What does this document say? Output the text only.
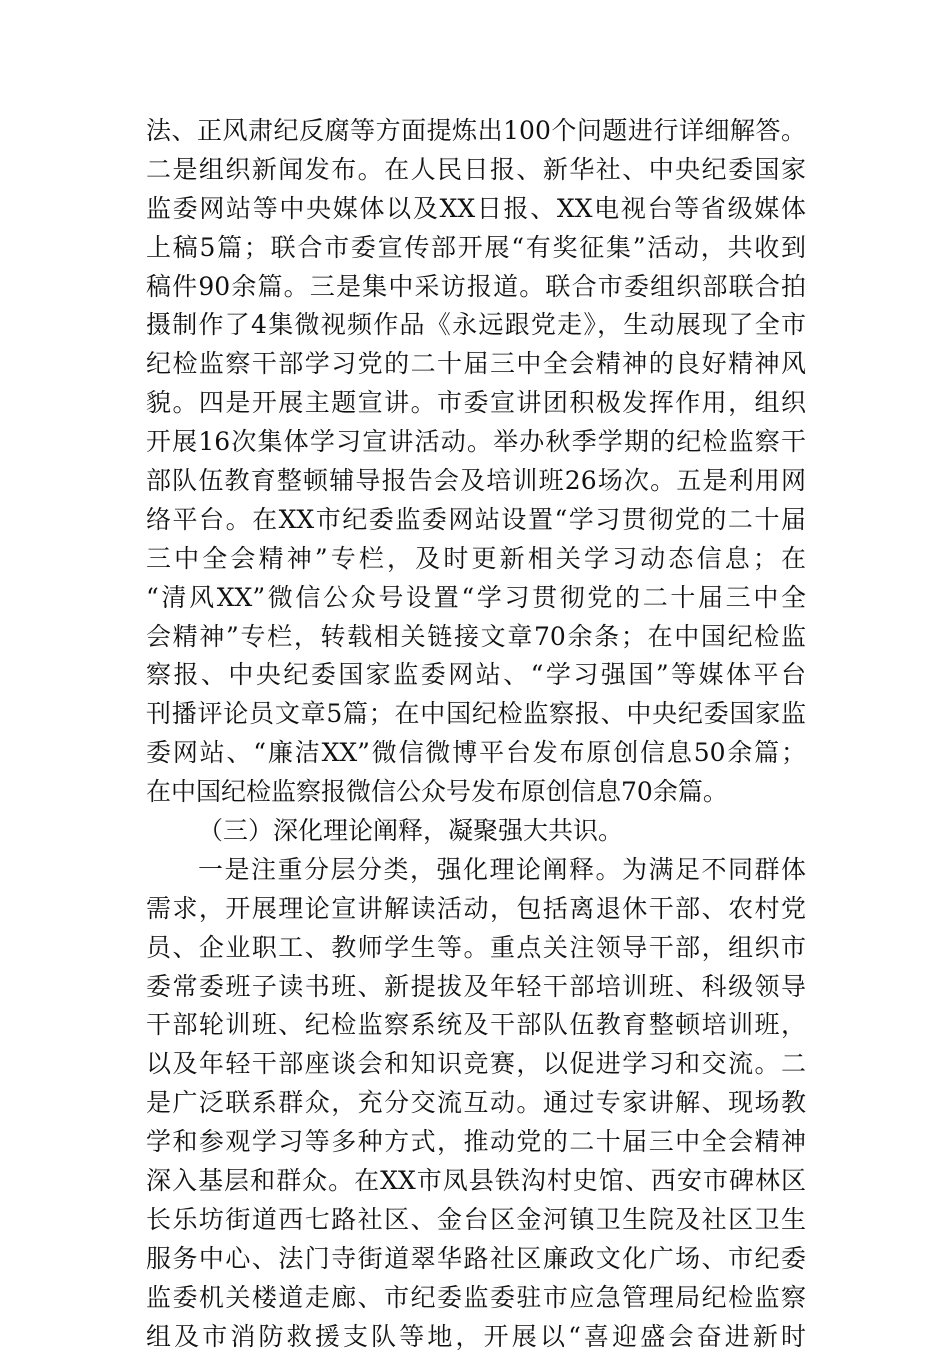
法、正风肃纪反腐等方面提炼出100个问题进行详细解答。
二是组织新闻发布。在人民日报、新华社、中央纪委国家
监委网站等中央媒体以及XX日报、XX电视台等省级媒体
上稿5篇；联合市委宣传部开展“有奖征集”活动，共收到
稿件90余篇。三是集中采访报道。联合市委组织部联合拍
摄制作了4集微视频作品《永远跟党走》，生动展现了全市
纪检监察干部学习党的二十届三中全会精神的良好精神风
貌。四是开展主题宣讲。市委宣讲团积极发挥作用，组织
开展16次集体学习宣讲活动。举办秋季学期的纪检监察干
部队伍教育整顿辅导报告会及培训班26场次。五是利用网
络平台。在XX市纪委监委网站设置“学习贯彻党的二十届
三中全会精神”专栏，及时更新相关学习动态信息；在
“清风XX”微信公众号设置“学习贯彻党的二十届三中全
会精神”专栏，转载相关链接文章70余条；在中国纪检监
察报、中央纪委国家监委网站、“学习强国”等媒体平台
刊播评论员文章5篇；在中国纪检监察报、中央纪委国家监
委网站、“廉洁XX”微信微博平台发布原创信息50余篇；
在中国纪检监察报微信公众号发布原创信息70余篇。
（三）深化理论阐释，凝聚强大共识。
一是注重分层分类，强化理论阐释。为满足不同群体
需求，开展理论宣讲解读活动，包括离退休干部、农村党
员、企业职工、教师学生等。重点关注领导干部，组织市
委常委班子读书班、新提拔及年轻干部培训班、科级领导
干部轮训班、纪检监察系统及干部队伍教育整顿培训班，
以及年轻干部座谈会和知识竞赛，以促进学习和交流。二
是广泛联系群众，充分交流互动。通过专家讲解、现场教
学和参观学习等多种方式，推动党的二十届三中全会精神
深入基层和群众。在XX市凤县铁沟村史馆、西安市碑林区
长乐坊街道西七路社区、金台区金河镇卫生院及社区卫生
服务中心、法门寺街道翠华路社区廉政文化广场、市纪委
监委机关楼道走廊、市纪委监委驻市应急管理局纪检监察
组及市消防救援支队等地，开展以“喜迎盛会奋进新时
